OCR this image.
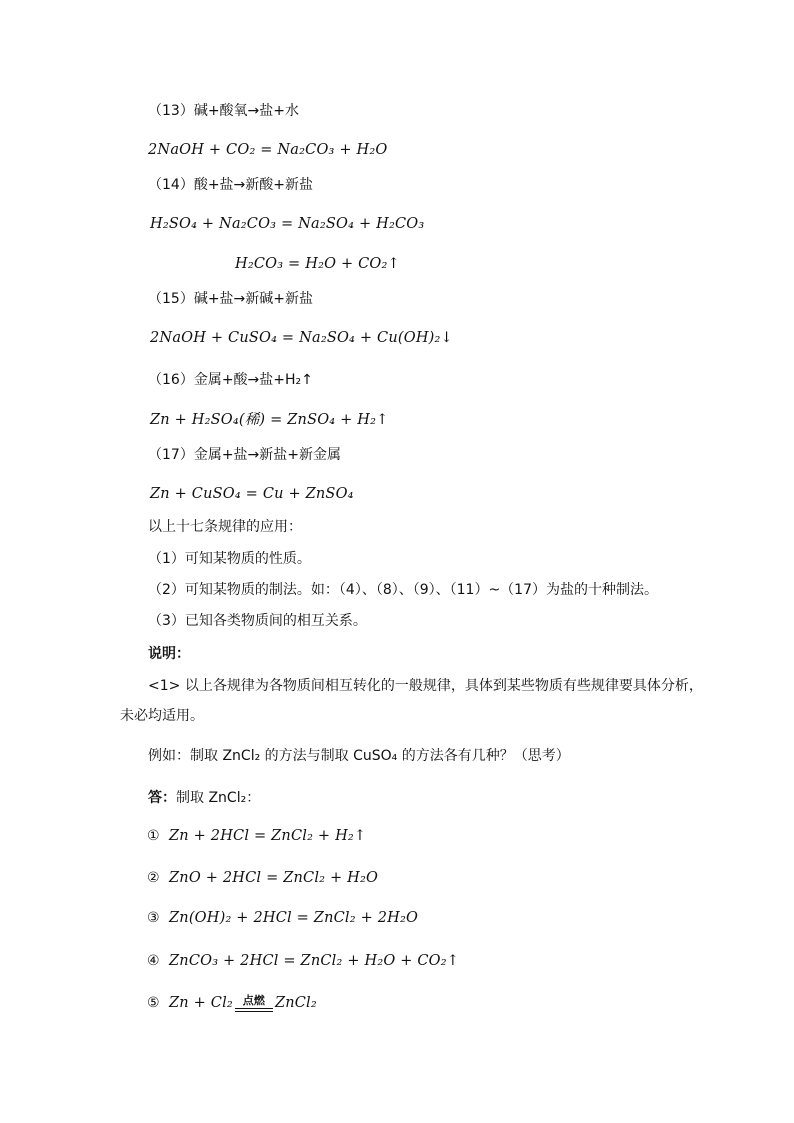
（13）碱+酸氧→盐+水
2NaOH + CO₂ = Na₂CO₃ + H₂O
（14）酸+盐→新酸+新盐
H₂SO₄ + Na₂CO₃ = Na₂SO₄ + H₂CO₃
H₂CO₃ = H₂O + CO₂↑
（15）碱+盐→新碱+新盐
2NaOH + CuSO₄ = Na₂SO₄ + Cu(OH)₂↓
（16）金属+酸→盐+H₂↑
Zn + H₂SO₄(稀) = ZnSO₄ + H₂↑
（17）金属+盐→新盐+新金属
Zn + CuSO₄ = Cu + ZnSO₄
以上十七条规律的应用：
（1）可知某物质的性质。
（2）可知某物质的制法。如：（4）、（8）、（9）、（11）~（17）为盐的十种制法。
（3）已知各类物质间的相互关系。
说明：
<1> 以上各规律为各物质间相互转化的一般规律，具体到某些物质有些规律要具体分析，
未必均适用。
例如：制取 ZnCl₂ 的方法与制取 CuSO₄ 的方法各有几种？（思考）
答：制取 ZnCl₂：
① Zn + 2HCl = ZnCl₂ + H₂↑
② ZnO + 2HCl = ZnCl₂ + H₂O
③ Zn(OH)₂ + 2HCl = ZnCl₂ + 2H₂O
④ ZnCO₃ + 2HCl = ZnCl₂ + H₂O + CO₂↑
⑤ Zn + Cl₂ 点燃 ZnCl₂
